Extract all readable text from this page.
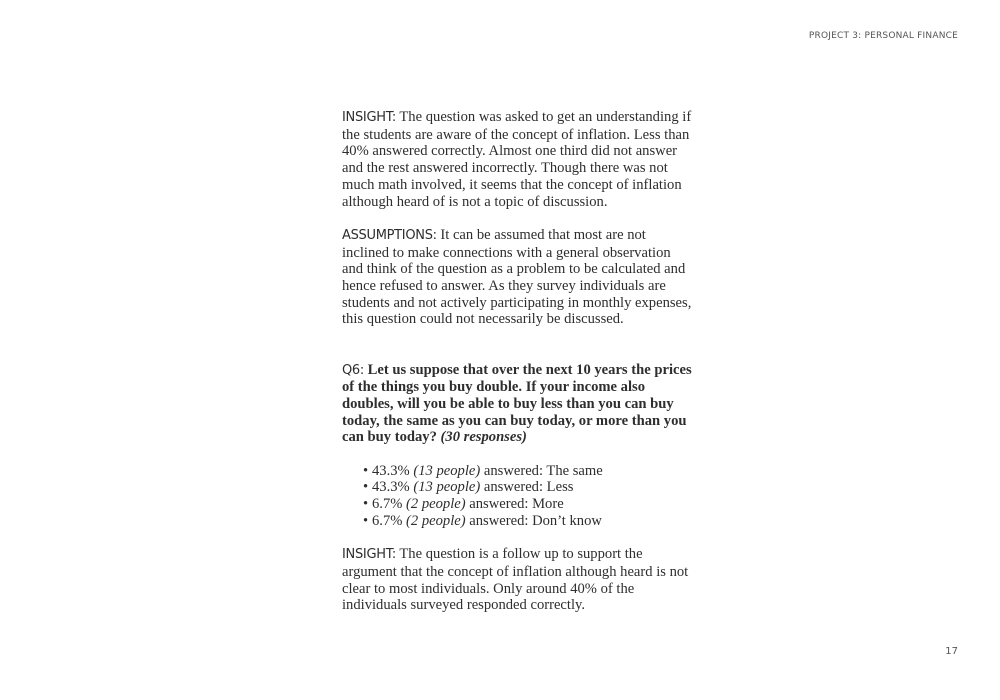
PROJECT 3: PERSONAL FINANCE

INSIGHT: The question was asked to get an understanding if the students are aware of the concept of inflation. Less than 40% answered correctly. Almost one third did not answer and the rest answered incorrectly. Though there was not much math involved, it seems that the concept of inflation although heard of is not a topic of discussion.

ASSUMPTIONS: It can be assumed that most are not inclined to make connections with a general observation and think of the question as a problem to be calculated and hence refused to answer. As they survey individuals are students and not actively participating in monthly expenses, this question could not necessarily be discussed.

Q6: Let us suppose that over the next 10 years the prices of the things you buy double. If your income also doubles, will you be able to buy less than you can buy today, the same as you can buy today, or more than you can buy today? (30 responses)

• 43.3% (13 people) answered: The same
• 43.3% (13 people) answered: Less
• 6.7% (2 people) answered: More
• 6.7% (2 people) answered: Don’t know

INSIGHT: The question is a follow up to support the argument that the concept of inflation although heard is not clear to most individuals. Only around 40% of the individuals surveyed responded correctly.

17
